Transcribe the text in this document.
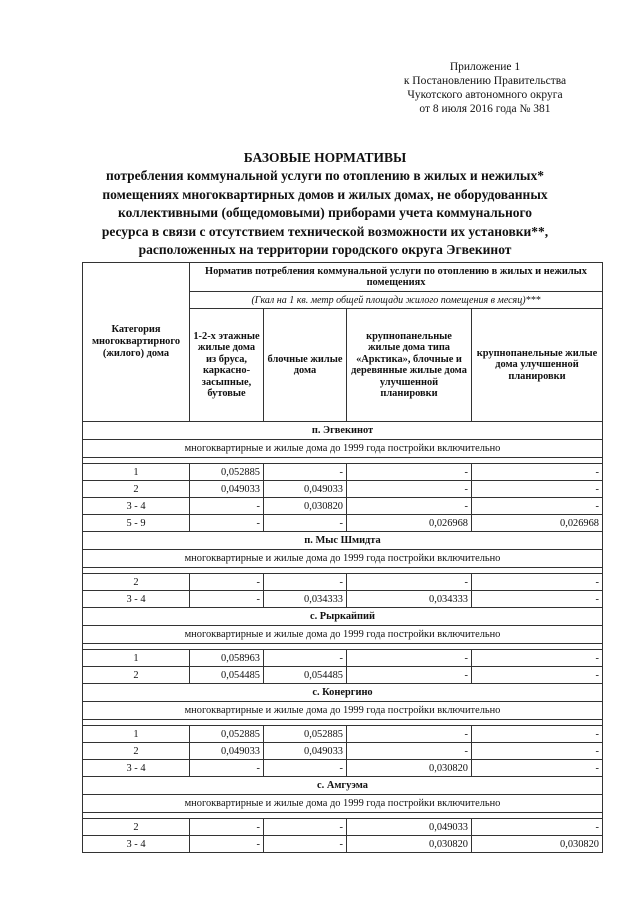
Приложение 1
к Постановлению Правительства
Чукотского автономного округа
от 8 июля 2016 года № 381
БАЗОВЫЕ НОРМАТИВЫ
потребления коммунальной услуги по отоплению в жилых и нежилых*
помещениях многоквартирных домов и жилых домах, не оборудованных
коллективными (общедомовыми) приборами учета коммунального
ресурса в связи с отсутствием технической возможности их установки**,
расположенных на территории городского округа Эгвекинот
Категория многоквартирного (жилого) дома	Норматив потребления коммунальной услуги по отоплению в жилых и нежилых помещениях			
	(Гкал на 1 кв. метр общей площади жилого помещения в месяц)***			
	1-2-х этажные жилые дома из бруса, каркасно-засыпные, бутовые	блочные жилые дома	крупнопанельные жилые дома типа «Арктика», блочные и деревянные жилые дома улучшенной планировки	крупнопанельные жилые дома улучшенной планировки
п. Эгвекинот				
многоквартирные и жилые дома до 1999 года постройки включительно				

1	0,052885	-	-	-
2	0,049033	0,049033	-	-
3 - 4	-	0,030820	-	-
5 - 9	-	-	0,026968	0,026968
п. Мыс Шмидта				
многоквартирные и жилые дома до 1999 года постройки включительно				

2	-	-	-	-
3 - 4	-	0,034333	0,034333	-
с. Рыркайпий				
многоквартирные и жилые дома до 1999 года постройки включительно				

1	0,058963	-	-	-
2	0,054485	0,054485	-	-
с. Конергино				
многоквартирные и жилые дома до 1999 года постройки включительно				

1	0,052885	0,052885	-	-
2	0,049033	0,049033	-	-
3 - 4	-	-	0,030820	-
с. Амгуэма				
многоквартирные и жилые дома до 1999 года постройки включительно				

2	-	-	0,049033	-
3 - 4	-	-	0,030820	0,030820
